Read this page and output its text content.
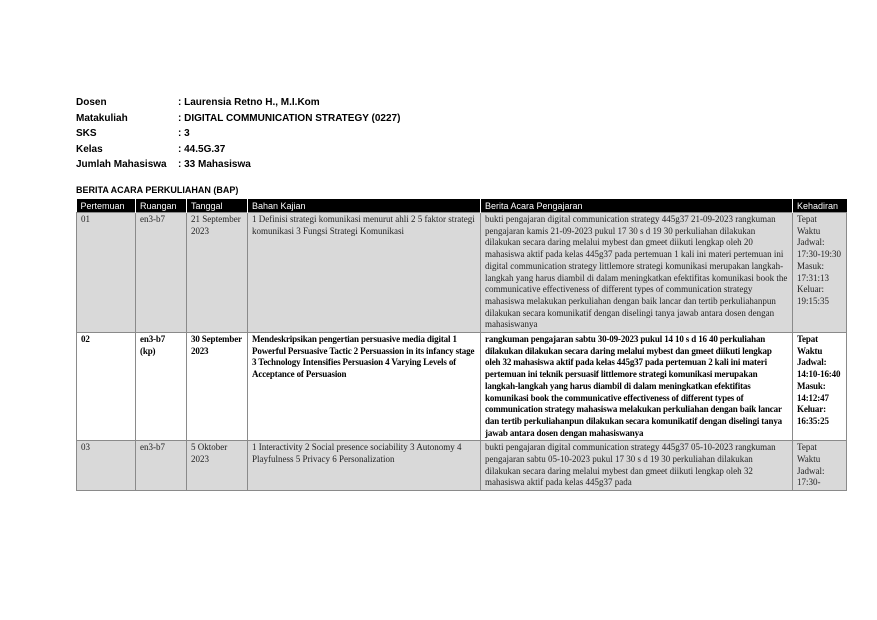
Dosen	: Laurensia Retno H., M.I.Kom
Matakuliah	: DIGITAL COMMUNICATION STRATEGY (0227)
SKS	: 3
Kelas	: 44.5G.37
Jumlah Mahasiswa : 33 Mahasiswa
BERITA ACARA PERKULIAHAN (BAP)
Pertemuan	Ruangan	Tanggal	Bahan Kajian	Berita Acara Pengajaran	Kehadiran
01	en3-b7	21 September 2023	1 Definisi strategi komunikasi menurut ahli 2 5 faktor strategi komunikasi 3 Fungsi Strategi Komunikasi	bukti pengajaran digital communication strategy 445g37 21-09-2023 rangkuman pengajaran kamis 21-09-2023 pukul 17 30 s d 19 30 perkuliahan dilakukan dilakukan secara daring melalui mybest dan gmeet diikuti lengkap oleh 20 mahasiswa aktif pada kelas 445g37 pada pertemuan 1 kali ini materi pertemuan ini digital communication strategy littlemore strategi komunikasi merupakan langkah-langkah yang harus diambil di dalam meningkatkan efektifitas komunikasi book the communicative effectiveness of different types of communication strategy mahasiswa melakukan perkuliahan dengan baik lancar dan tertib perkuliahanpun dilakukan secara komunikatif dengan diselingi tanya jawab antara dosen dengan mahasiswanya	Tepat Waktu Jadwal: 17:30-19:30 Masuk: 17:31:13 Keluar: 19:15:35
02	en3-b7 (kp)	30 September 2023	Mendeskripsikan pengertian persuasive media digital 1 Powerful Persuasive Tactic 2 Persuassion in its infancy stage 3 Technology Intensifies Persuasion 4 Varying Levels of Acceptance of Persuasion	rangkuman pengajaran sabtu 30-09-2023 pukul 14 10 s d 16 40 perkuliahan dilakukan dilakukan secara daring melalui mybest dan gmeet diikuti lengkap oleh 32 mahasiswa aktif pada kelas 445g37 pada pertemuan 2 kali ini materi pertemuan ini teknik persuasif littlemore strategi komunikasi merupakan langkah-langkah yang harus diambil di dalam meningkatkan efektifitas komunikasi book the communicative effectiveness of different types of communication strategy mahasiswa melakukan perkuliahan dengan baik lancar dan tertib perkuliahanpun dilakukan secara komunikatif dengan diselingi tanya jawab antara dosen dengan mahasiswanya	Tepat Waktu Jadwal: 14:10-16:40 Masuk: 14:12:47 Keluar: 16:35:25
03	en3-b7	5 Oktober 2023	1 Interactivity 2 Social presence sociability 3 Autonomy 4 Playfulness 5 Privacy 6 Personalization	bukti pengajaran digital communication strategy 445g37 05-10-2023 rangkuman pengajaran sabtu 05-10-2023 pukul 17 30 s d 19 30 perkuliahan dilakukan dilakukan secara daring melalui mybest dan gmeet diikuti lengkap oleh 32 mahasiswa aktif pada kelas 445g37 pada	Tepat Waktu Jadwal: 17:30-
